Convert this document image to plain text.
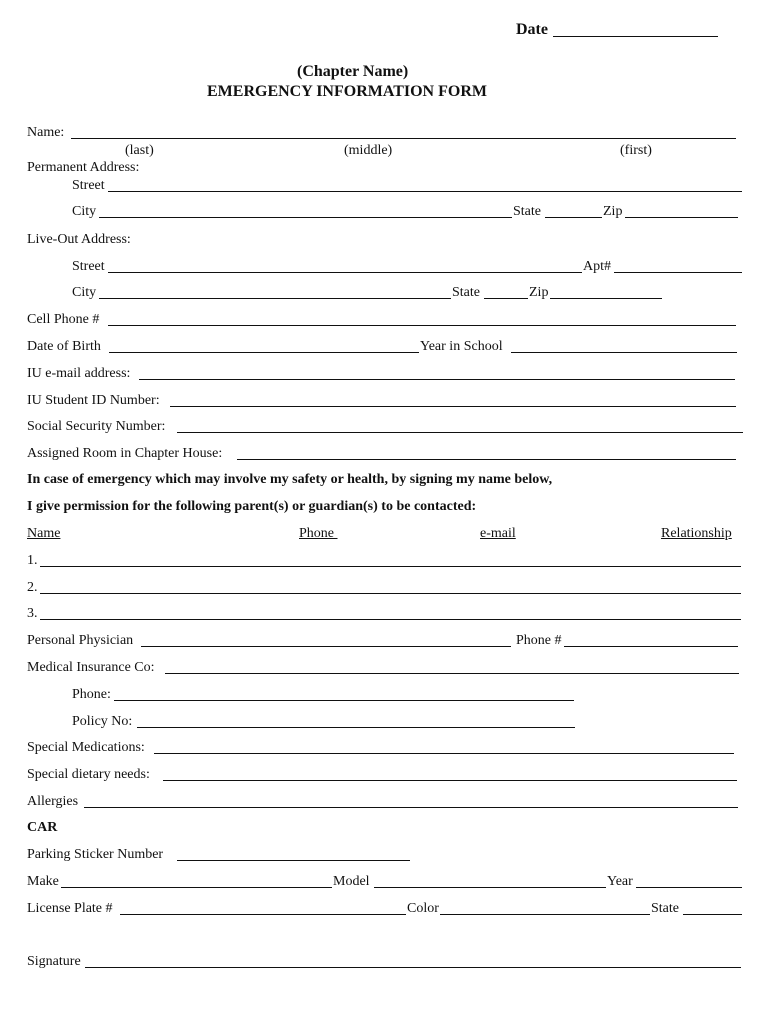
Date
(Chapter Name)
EMERGENCY INFORMATION FORM
Name:
(last)	(middle)	(first)
Permanent Address:
Street
City	State	Zip
Live-Out Address:
Street	Apt#
City	State	Zip
Cell Phone #
Date of Birth	Year in School
IU e-mail address:
IU Student ID Number:
Social Security Number:
Assigned Room in Chapter House:
In case of emergency which may involve my safety or health, by signing my name below,
I give permission for the following parent(s) or guardian(s) to be contacted:
Name	Phone	e-mail	Relationship
1.
2.
3.
Personal Physician	Phone #
Medical Insurance Co:
Phone:
Policy No:
Special Medications:
Special dietary needs:
Allergies
CAR
Parking Sticker Number
Make	Model	Year
License Plate #	Color	State
Signature
